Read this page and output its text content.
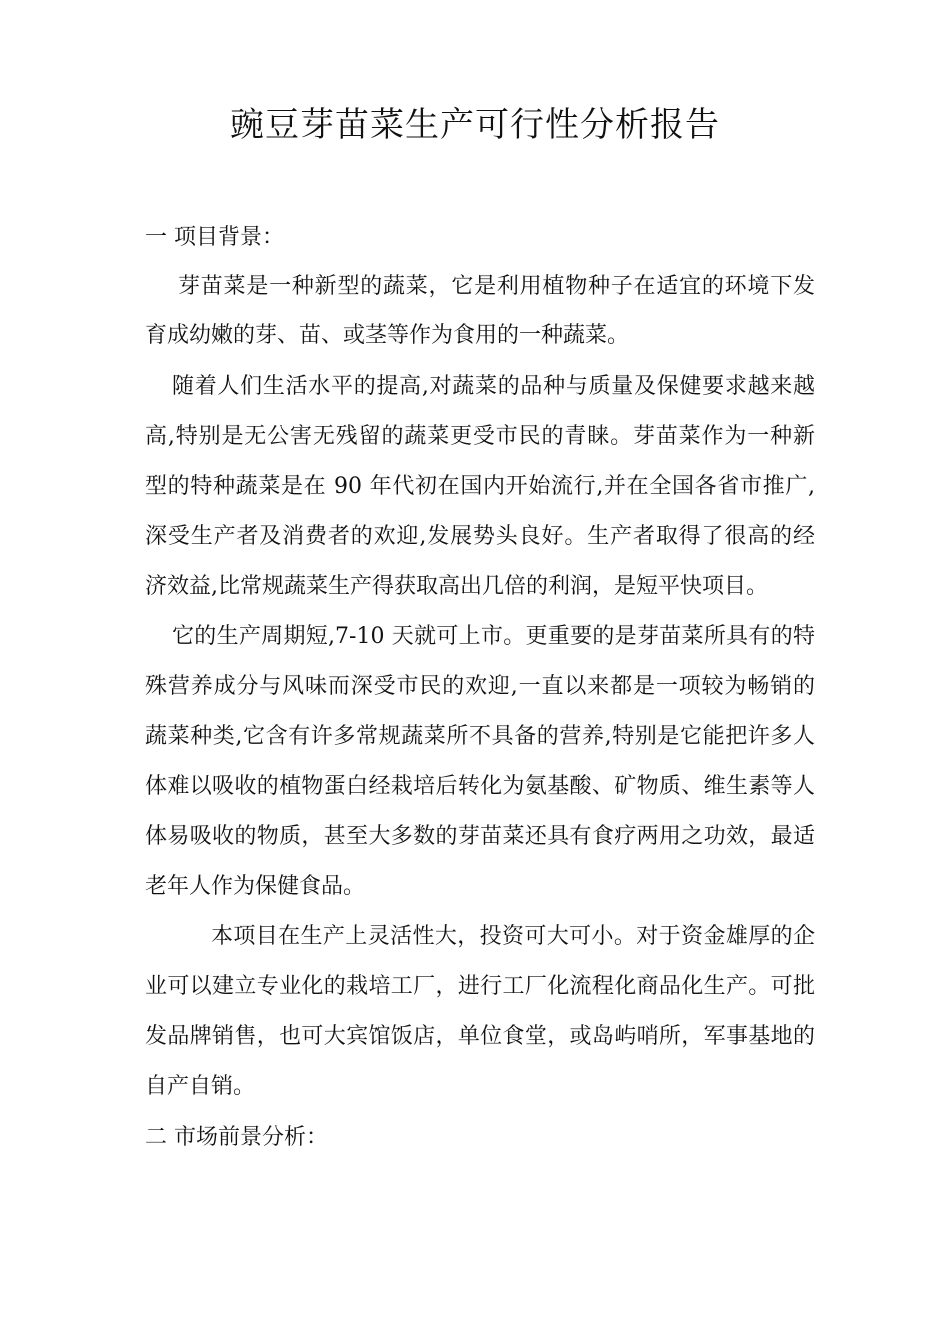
豌豆芽苗菜生产可行性分析报告

一 项目背景：

芽苗菜是一种新型的蔬菜，它是利用植物种子在适宜的环境下发

育成幼嫩的芽、苗、或茎等作为食用的一种蔬菜。

随着人们生活水平的提高,对蔬菜的品种与质量及保健要求越来越

高,特别是无公害无残留的蔬菜更受市民的青睐。芽苗菜作为一种新

型的特种蔬菜是在 90 年代初在国内开始流行,并在全国各省市推广,

深受生产者及消费者的欢迎,发展势头良好。生产者取得了很高的经

济效益,比常规蔬菜生产得获取高出几倍的利润，是短平快项目。

它的生产周期短,7-10 天就可上市。更重要的是芽苗菜所具有的特

殊营养成分与风味而深受市民的欢迎,一直以来都是一项较为畅销的

蔬菜种类,它含有许多常规蔬菜所不具备的营养,特别是它能把许多人

体难以吸收的植物蛋白经栽培后转化为氨基酸、矿物质、维生素等人

体易吸收的物质，甚至大多数的芽苗菜还具有食疗两用之功效，最适

老年人作为保健食品。

本项目在生产上灵活性大，投资可大可小。对于资金雄厚的企

业可以建立专业化的栽培工厂，进行工厂化流程化商品化生产。可批

发品牌销售，也可大宾馆饭店，单位食堂，或岛屿哨所，军事基地的

自产自销。

二 市场前景分析：
